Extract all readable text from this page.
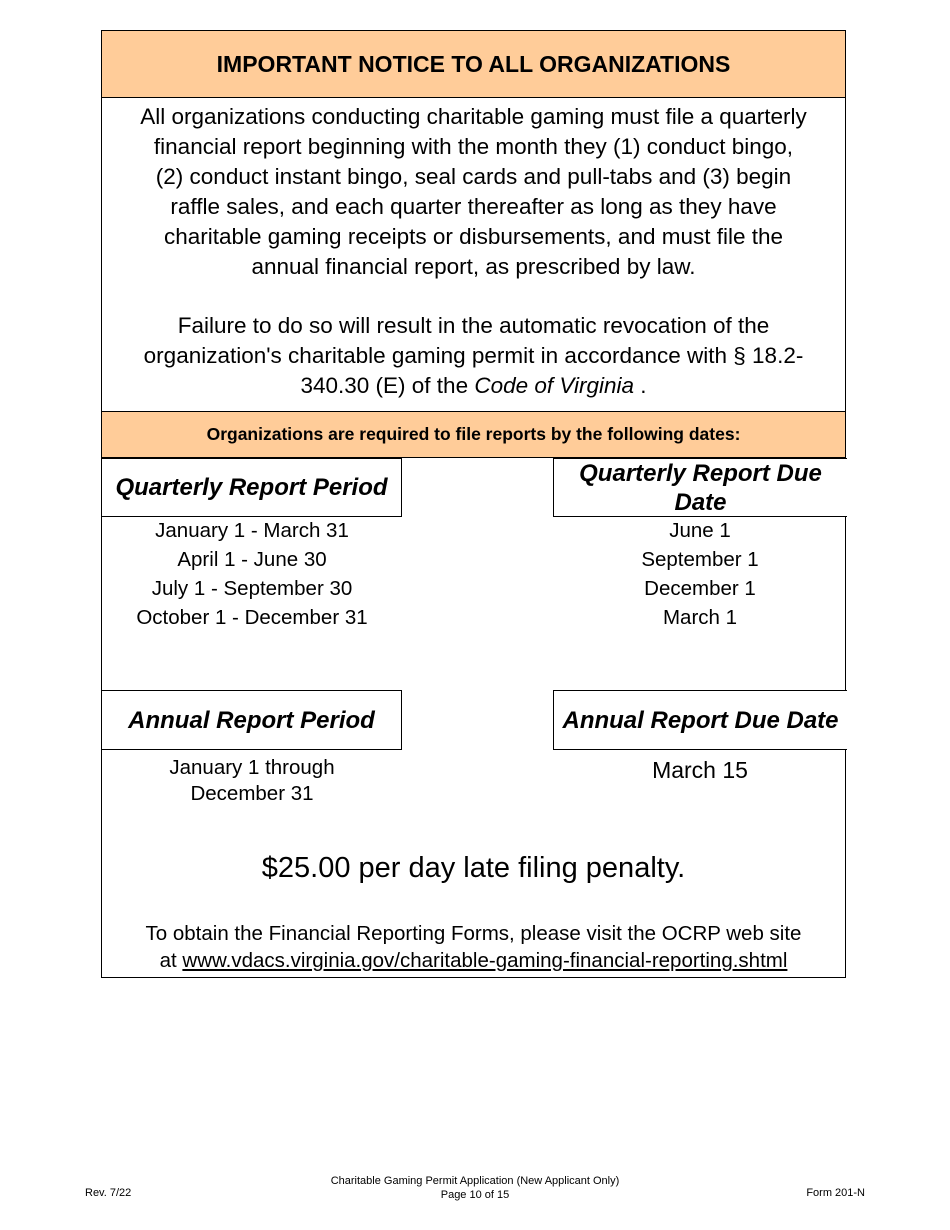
IMPORTANT NOTICE TO ALL ORGANIZATIONS
All organizations conducting charitable gaming must file a quarterly
financial report beginning with the month they (1) conduct bingo,
(2) conduct instant bingo, seal cards and pull-tabs and (3) begin
raffle sales, and each quarter thereafter as long as they have
charitable gaming receipts or disbursements, and must file the
annual financial report, as prescribed by law.
Failure to do so will result in the automatic revocation of the
organization's charitable gaming permit in accordance with § 18.2-
340.30 (E) of the Code of Virginia .
Organizations are required to file reports by the following dates:
Quarterly Report Period
Quarterly Report Due Date
January 1 - March 31
April 1 - June 30
July 1 - September 30
October 1 - December 31
June 1
September 1
December 1
March 1
Annual Report Period	Annual Report Due Date
January 1 through
December 31
March 15
$25.00 per day late filing penalty.
To obtain the Financial Reporting Forms, please visit the OCRP web site
at www.vdacs.virginia.gov/charitable-gaming-financial-reporting.shtml
Rev. 7/22
Charitable Gaming Permit Application (New Applicant Only)
Page 10 of 15	Form 201-N
